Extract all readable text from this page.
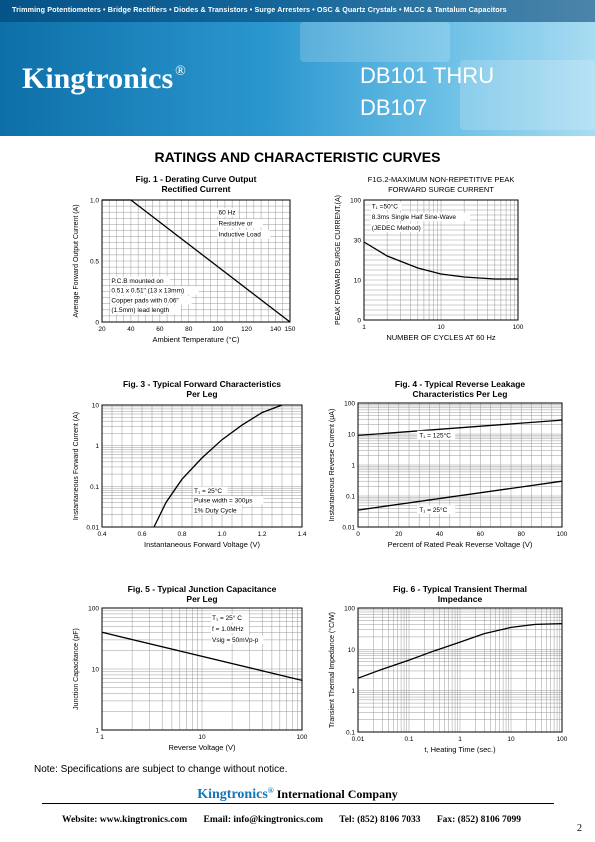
Trimming Potentiometers • Bridge Rectifiers • Diodes & Transistors • Surge Arresters • OSC & Quartz Crystals • MLCC & Tantalum Capacitors
Kingtronics ®	DB101 THRU
DB107
RATINGS AND CHARACTERISTIC CURVES
Fig. 1 - Derating Curve Output
Rectified Current
20	40	60	80	100	120	140 150
0
0.5
1.0
Ambient Temperature (°C)
Average Forward Output Current (A)	60 Hz
Resistive or
Inductive Load
P.C.B mounted on
0.51 x 0.51" (13 x 13mm)
Copper pads with 0.06"
(1.5mm) lead length
F1G.2-MAXIMUM NON-REPETITIVE PEAK
FORWARD SURGE CURRENT
1	10	100
0
10
30
100
NUMBER OF CYCLES AT 60 Hz
PEAK FORWARD SURGE CURRENT,(A)	T₁ =50°C
8.3ms Single Half Sine-Wave
(JEDEC Method)
Fig. 3 - Typical Forward Characteristics
Per Leg
0.4	0.6	0.8	1.0	1.2	1.4
0.01
0.1
1
10
Instantaneous Forward Voltage (V)
Instantaneous Forward Current (A)	T₁ = 25°C
Pulse width = 300μs
1% Duty Cycle
Fig. 4 - Typical Reverse Leakage
Characteristics Per Leg
0	20	40	60	80	100
0.01
0.1
1
10
100
Percent of Rated Peak Reverse Voltage (V)
Instantaneous Reverse Current (μA)	T₁ = 125°C
T₁ = 25°C
Fig. 5 - Typical Junction Capacitance
Per Leg
1	10	100
1
10
100
Reverse Voltage (V)
Junction Capacitance (pF)
T₁ = 25° C
f = 1.0MHz
Vsig = 50mVp-p
Fig. 6 - Typical Transient Thermal
Impedance
0.01	0.1	1	10	100
0.1
1
10
100
t, Heating Time (sec.)
Transient Thermal Impedance (°C/W)
Note: Specifications are subject to change without notice.
Kingtronics® International Company
Website: www.kingtronics.com Email: info@kingtronics.com Tel: (852) 8106 7033 Fax: (852) 8106 7099
2
